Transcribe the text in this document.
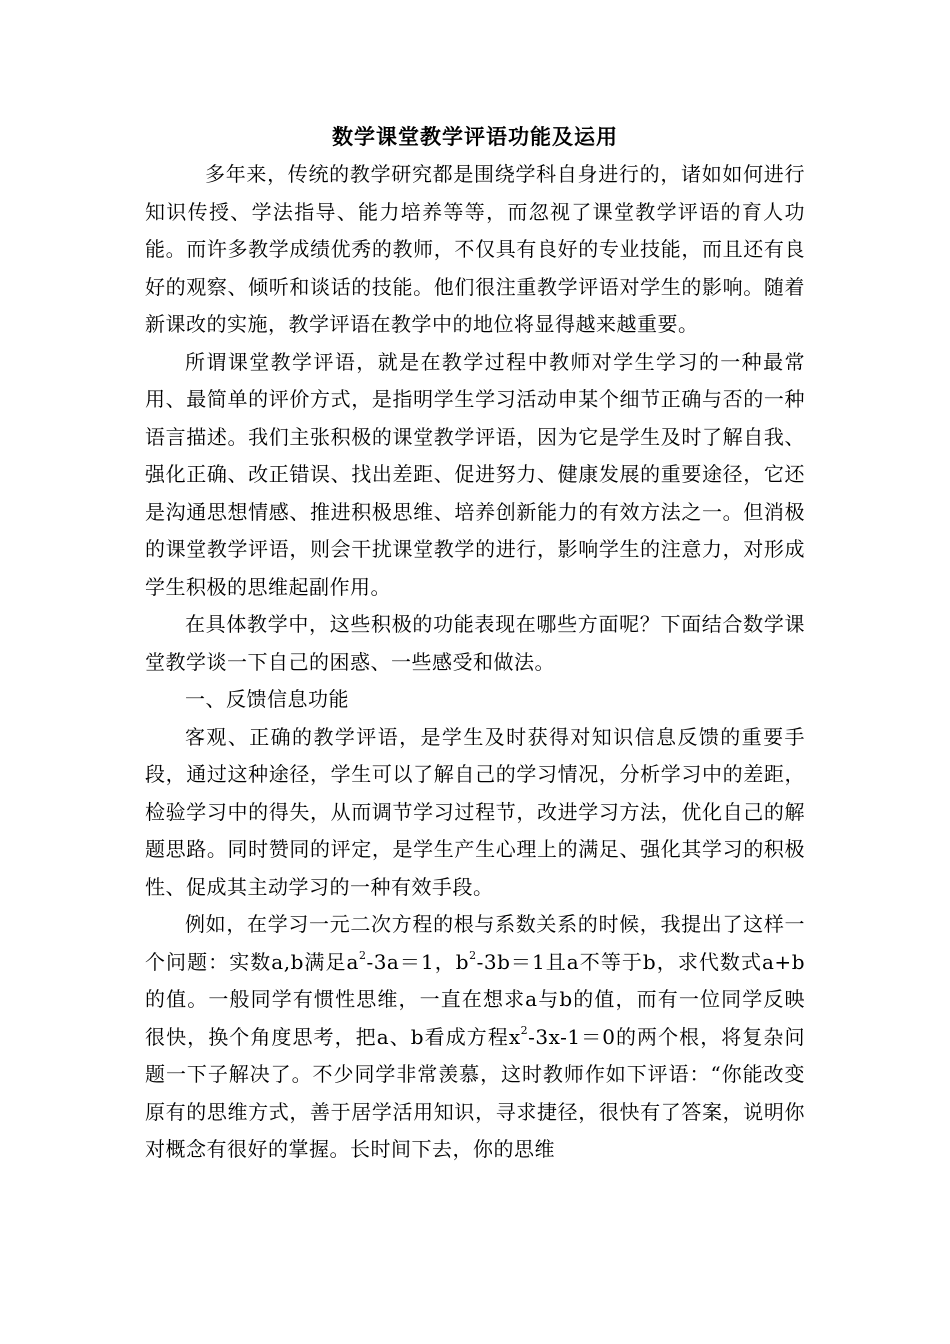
数学课堂教学评语功能及运用

多年来，传统的教学研究都是围绕学科自身进行的，诸如如何进行知识传授、学法指导、能力培养等等，而忽视了课堂教学评语的育人功能。而许多教学成绩优秀的教师，不仅具有良好的专业技能，而且还有良好的观察、倾听和谈话的技能。他们很注重教学评语对学生的影响。随着新课改的实施，教学评语在教学中的地位将显得越来越重要。

所谓课堂教学评语，就是在教学过程中教师对学生学习的一种最常用、最简单的评价方式，是指明学生学习活动申某个细节正确与否的一种语言描述。我们主张积极的课堂教学评语，因为它是学生及时了解自我、强化正确、改正错误、找出差距、促进努力、健康发展的重要途径，它还是沟通思想情感、推进积极思维、培养创新能力的有效方法之一。但消极的课堂教学评语，则会干扰课堂教学的进行，影响学生的注意力，对形成学生积极的思维起副作用。

在具体教学中，这些积极的功能表现在哪些方面呢？下面结合数学课堂教学谈一下自己的困惑、一些感受和做法。

一、反馈信息功能

客观、正确的教学评语，是学生及时获得对知识信息反馈的重要手段，通过这种途径，学生可以了解自己的学习情况，分析学习中的差距，检验学习中的得失，从而调节学习过程节，改进学习方法，优化自己的解题思路。同时赞同的评定，是学生产生心理上的满足、强化其学习的积极性、促成其主动学习的一种有效手段。

例如，在学习一元二次方程的根与系数关系的时候，我提出了这样一个问题：实数a,b满足$a^2-3a=1$，$b^2-3b=1$且a不等于b，求代数式a+b的值。一般同学有惯性思维，一直在想求a与b的值，而有一位同学反映很快，换个角度思考，把a、b看成方程$x^2-3x-1=0$的两个根，将复杂问题一下子解决了。不少同学非常羡慕，这时教师作如下评语：“你能改变原有的思维方式，善于居学活用知识，寻求捷径，很快有了答案，说明你对概念有很好的掌握。长时间下去，你的思维
